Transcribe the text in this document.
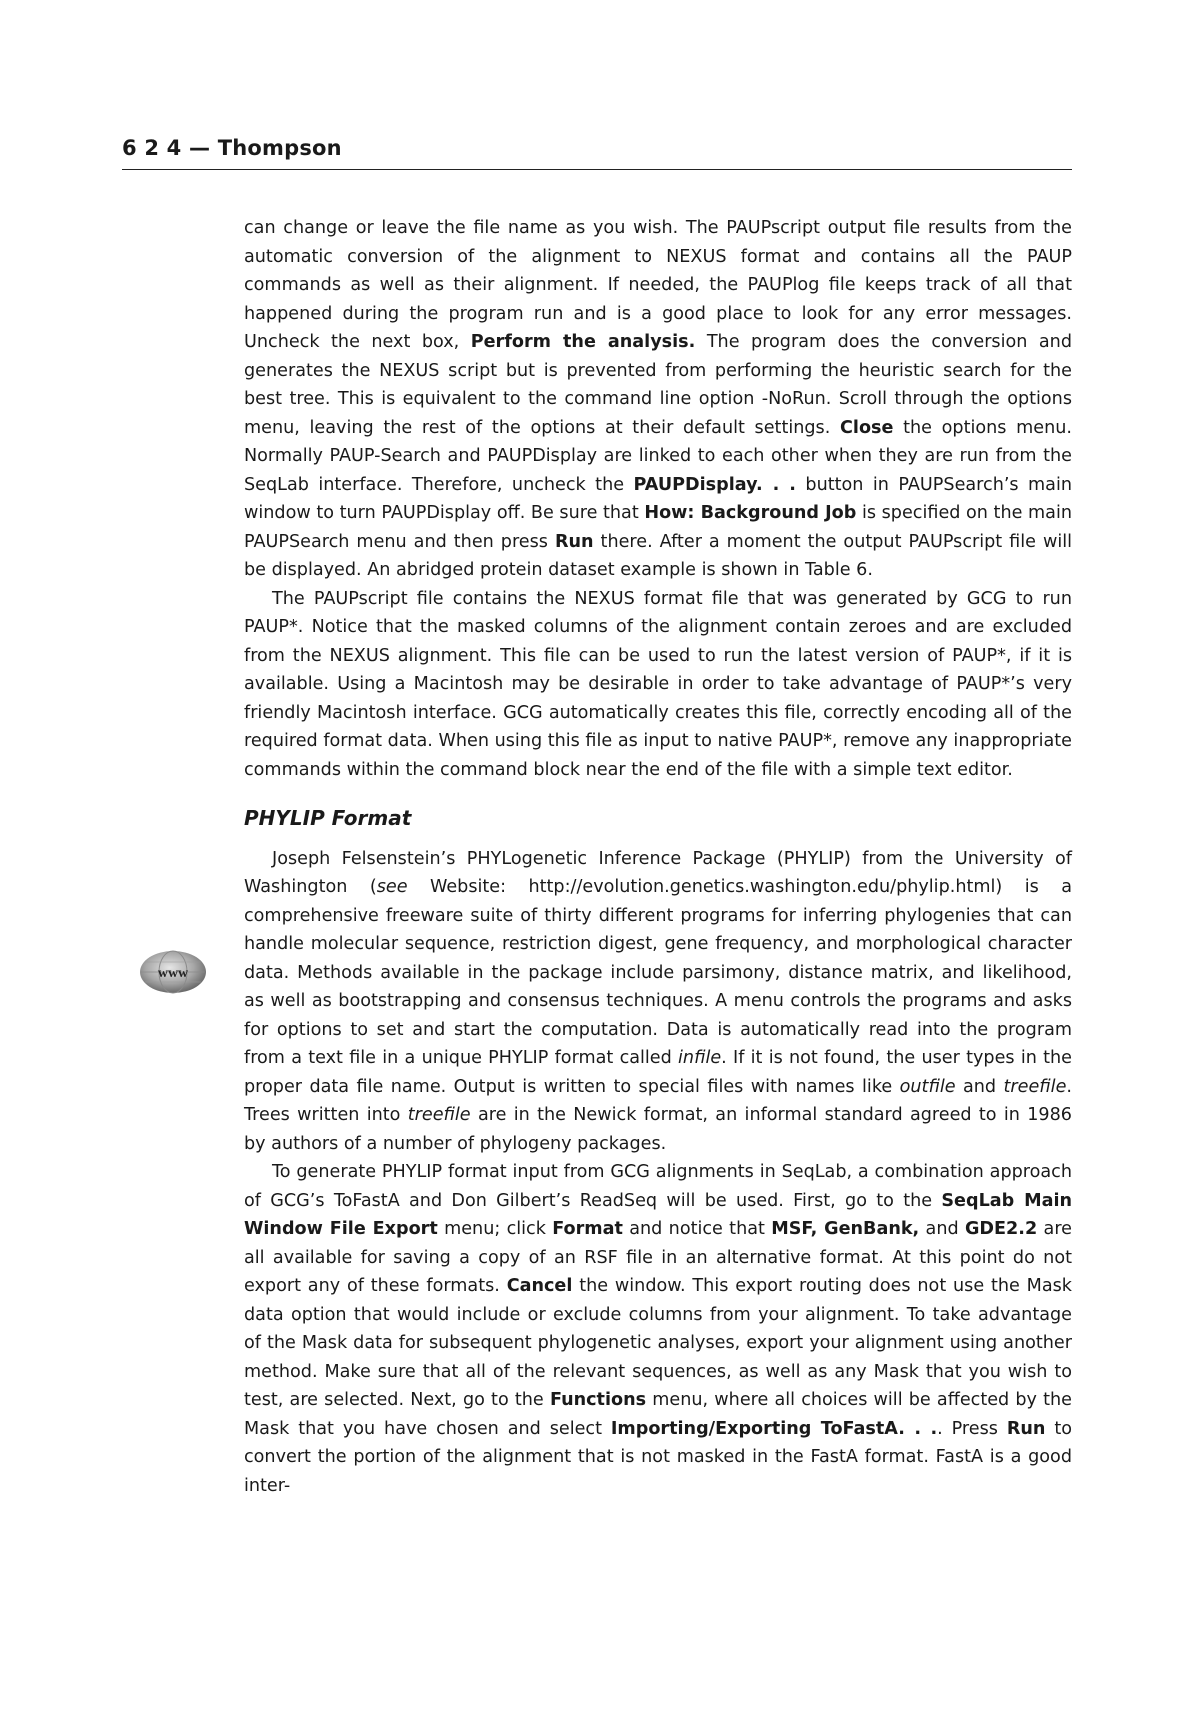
6 2 4 — Thompson
www

can change or leave the file name as you wish. The PAUPscript output file results from the automatic conversion of the alignment to NEXUS format and contains all the PAUP commands as well as their alignment. If needed, the PAUPlog file keeps track of all that happened during the program run and is a good place to look for any error messages. Uncheck the next box, Perform the analysis. The program does the conversion and generates the NEXUS script but is prevented from performing the heuristic search for the best tree. This is equivalent to the command line option -NoRun. Scroll through the options menu, leaving the rest of the options at their default settings. Close the options menu. Normally PAUP-Search and PAUPDisplay are linked to each other when they are run from the SeqLab interface. Therefore, uncheck the PAUPDisplay. . . button in PAUPSearch’s main window to turn PAUPDisplay off. Be sure that How: Background Job is specified on the main PAUPSearch menu and then press Run there. After a moment the output PAUPscript file will be displayed. An abridged protein dataset example is shown in Table 6.

The PAUPscript file contains the NEXUS format file that was generated by GCG to run PAUP*. Notice that the masked columns of the alignment contain zeroes and are excluded from the NEXUS alignment. This file can be used to run the latest version of PAUP*, if it is available. Using a Macintosh may be desirable in order to take advantage of PAUP*’s very friendly Macintosh interface. GCG automatically creates this file, correctly encoding all of the required format data. When using this file as input to native PAUP*, remove any inappropriate commands within the command block near the end of the file with a simple text editor.

PHYLIP Format

Joseph Felsenstein’s PHYLogenetic Inference Package (PHYLIP) from the University of Washington (see Website: http://evolution.genetics.washington.edu/phylip.html) is a comprehensive freeware suite of thirty different programs for inferring phylogenies that can handle molecular sequence, restriction digest, gene frequency, and morphological character data. Methods available in the package include parsimony, distance matrix, and likelihood, as well as bootstrapping and consensus techniques. A menu controls the programs and asks for options to set and start the computation. Data is automatically read into the program from a text file in a unique PHYLIP format called infile. If it is not found, the user types in the proper data file name. Output is written to special files with names like outfile and treefile. Trees written into treefile are in the Newick format, an informal standard agreed to in 1986 by authors of a number of phylogeny packages.

To generate PHYLIP format input from GCG alignments in SeqLab, a combination approach of GCG’s ToFastA and Don Gilbert’s ReadSeq will be used. First, go to the SeqLab Main Window File Export menu; click Format and notice that MSF, GenBank, and GDE2.2 are all available for saving a copy of an RSF file in an alternative format. At this point do not export any of these formats. Cancel the window. This export routing does not use the Mask data option that would include or exclude columns from your alignment. To take advantage of the Mask data for subsequent phylogenetic analyses, export your alignment using another method. Make sure that all of the relevant sequences, as well as any Mask that you wish to test, are selected. Next, go to the Functions menu, where all choices will be affected by the Mask that you have chosen and select Importing/Exporting ToFastA. . .. Press Run to convert the portion of the alignment that is not masked in the FastA format. FastA is a good inter-
